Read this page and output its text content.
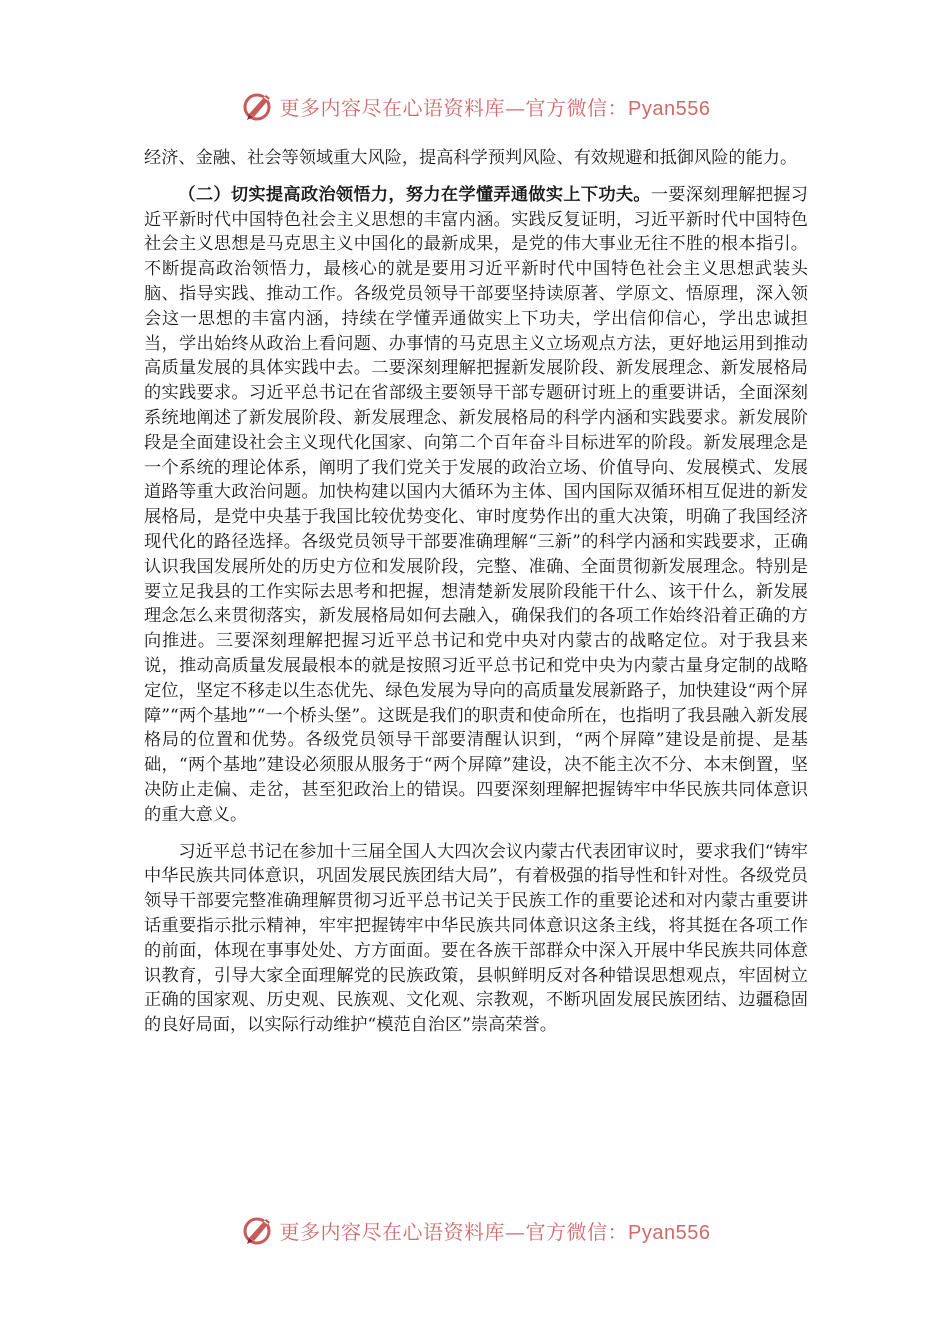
更多内容尽在心语资料库—官方微信：Pyan556

经济、金融、社会等领域重大风险，提高科学预判风险、有效规避和抵御风险的能力。

（二）切实提高政治领悟力，努力在学懂弄通做实上下功夫。一要深刻理解把握习近平新时代中国特色社会主义思想的丰富内涵。实践反复证明，习近平新时代中国特色社会主义思想是马克思主义中国化的最新成果，是党的伟大事业无往不胜的根本指引。不断提高政治领悟力，最核心的就是要用习近平新时代中国特色社会主义思想武装头脑、指导实践、推动工作。各级党员领导干部要坚持读原著、学原文、悟原理，深入领会这一思想的丰富内涵，持续在学懂弄通做实上下功夫，学出信仰信心，学出忠诚担当，学出始终从政治上看问题、办事情的马克思主义立场观点方法，更好地运用到推动高质量发展的具体实践中去。二要深刻理解把握新发展阶段、新发展理念、新发展格局的实践要求。习近平总书记在省部级主要领导干部专题研讨班上的重要讲话，全面深刻系统地阐述了新发展阶段、新发展理念、新发展格局的科学内涵和实践要求。新发展阶段是全面建设社会主义现代化国家、向第二个百年奋斗目标进军的阶段。新发展理念是一个系统的理论体系，阐明了我们党关于发展的政治立场、价值导向、发展模式、发展道路等重大政治问题。加快构建以国内大循环为主体、国内国际双循环相互促进的新发展格局，是党中央基于我国比较优势变化、审时度势作出的重大决策，明确了我国经济现代化的路径选择。各级党员领导干部要准确理解“三新”的科学内涵和实践要求，正确认识我国发展所处的历史方位和发展阶段，完整、准确、全面贯彻新发展理念。特别是要立足我县的工作实际去思考和把握，想清楚新发展阶段能干什么、该干什么，新发展理念怎么来贯彻落实，新发展格局如何去融入，确保我们的各项工作始终沿着正确的方向推进。三要深刻理解把握习近平总书记和党中央对内蒙古的战略定位。对于我县来说，推动高质量发展最根本的就是按照习近平总书记和党中央为内蒙古量身定制的战略定位，坚定不移走以生态优先、绿色发展为导向的高质量发展新路子，加快建设“两个屏障”“两个基地”“一个桥头堡”。这既是我们的职责和使命所在，也指明了我县融入新发展格局的位置和优势。各级党员领导干部要清醒认识到，“两个屏障”建设是前提、是基础，“两个基地”建设必须服从服务于“两个屏障”建设，决不能主次不分、本末倒置，坚决防止走偏、走岔，甚至犯政治上的错误。四要深刻理解把握铸牢中华民族共同体意识的重大意义。

习近平总书记在参加十三届全国人大四次会议内蒙古代表团审议时，要求我们“铸牢中华民族共同体意识，巩固发展民族团结大局”，有着极强的指导性和针对性。各级党员领导干部要完整准确理解贯彻习近平总书记关于民族工作的重要论述和对内蒙古重要讲话重要指示批示精神，牢牢把握铸牢中华民族共同体意识这条主线，将其挺在各项工作的前面，体现在事事处处、方方面面。要在各族干部群众中深入开展中华民族共同体意识教育，引导大家全面理解党的民族政策，县帜鲜明反对各种错误思想观点，牢固树立正确的国家观、历史观、民族观、文化观、宗教观，不断巩固发展民族团结、边疆稳固的良好局面，以实际行动维护“模范自治区”崇高荣誉。

更多内容尽在心语资料库—官方微信：Pyan556
